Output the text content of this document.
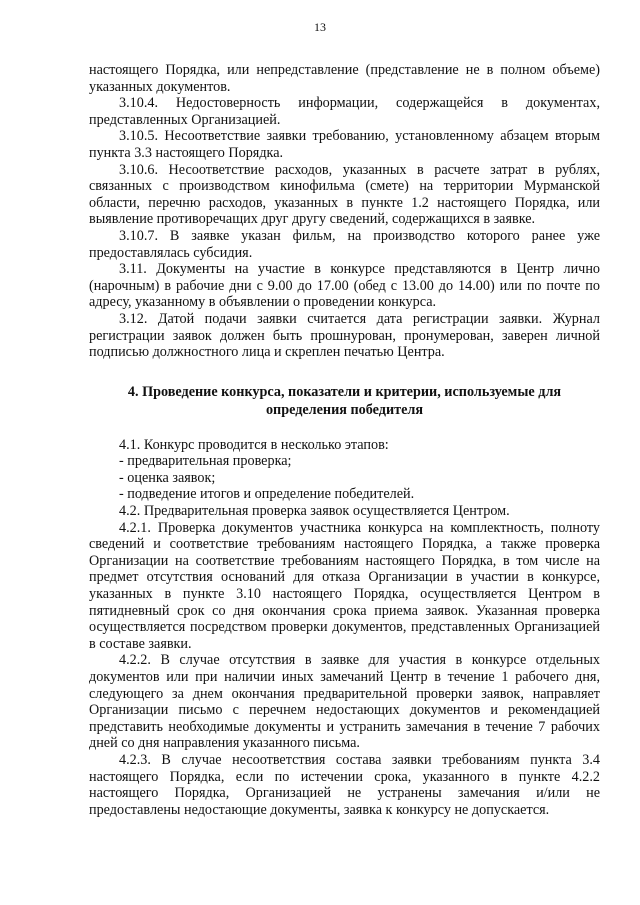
13

настоящего Порядка, или непредставление (представление не в полном объеме) указанных документов.

3.10.4. Недостоверность информации, содержащейся в документах, представленных Организацией.

3.10.5. Несоответствие заявки требованию, установленному абзацем вторым пункта 3.3 настоящего Порядка.

3.10.6. Несоответствие расходов, указанных в расчете затрат в рублях, связанных с производством кинофильма (смете) на территории Мурманской области, перечню расходов, указанных в пункте 1.2 настоящего Порядка, или выявление противоречащих друг другу сведений, содержащихся в заявке.

3.10.7. В заявке указан фильм, на производство которого ранее уже предоставлялась субсидия.

3.11. Документы на участие в конкурсе представляются в Центр лично (нарочным) в рабочие дни с 9.00 до 17.00 (обед с 13.00 до 14.00) или по почте по адресу, указанному в объявлении о проведении конкурса.

3.12. Датой подачи заявки считается дата регистрации заявки. Журнал регистрации заявок должен быть прошнурован, пронумерован, заверен личной подписью должностного лица и скреплен печатью Центра.

4. Проведение конкурса, показатели и критерии, используемые для определения победителя

4.1. Конкурс проводится в несколько этапов:

- предварительная проверка;

- оценка заявок;

- подведение итогов и определение победителей.

4.2. Предварительная проверка заявок осуществляется Центром.

4.2.1. Проверка документов участника конкурса на комплектность, полноту сведений и соответствие требованиям настоящего Порядка, а также проверка Организации на соответствие требованиям настоящего Порядка, в том числе на предмет отсутствия оснований для отказа Организации в участии в конкурсе, указанных в пункте 3.10 настоящего Порядка, осуществляется Центром в пятидневный срок со дня окончания срока приема заявок. Указанная проверка осуществляется посредством проверки документов, представленных Организацией в составе заявки.

4.2.2. В случае отсутствия в заявке для участия в конкурсе отдельных документов или при наличии иных замечаний Центр в течение 1 рабочего дня, следующего за днем окончания предварительной проверки заявок, направляет Организации письмо с перечнем недостающих документов и рекомендацией представить необходимые документы и устранить замечания в течение 7 рабочих дней со дня направления указанного письма.

4.2.3. В случае несоответствия состава заявки требованиям пункта 3.4 настоящего Порядка, если по истечении срока, указанного в пункте 4.2.2 настоящего Порядка, Организацией не устранены замечания и/или не предоставлены недостающие документы, заявка к конкурсу не допускается.
